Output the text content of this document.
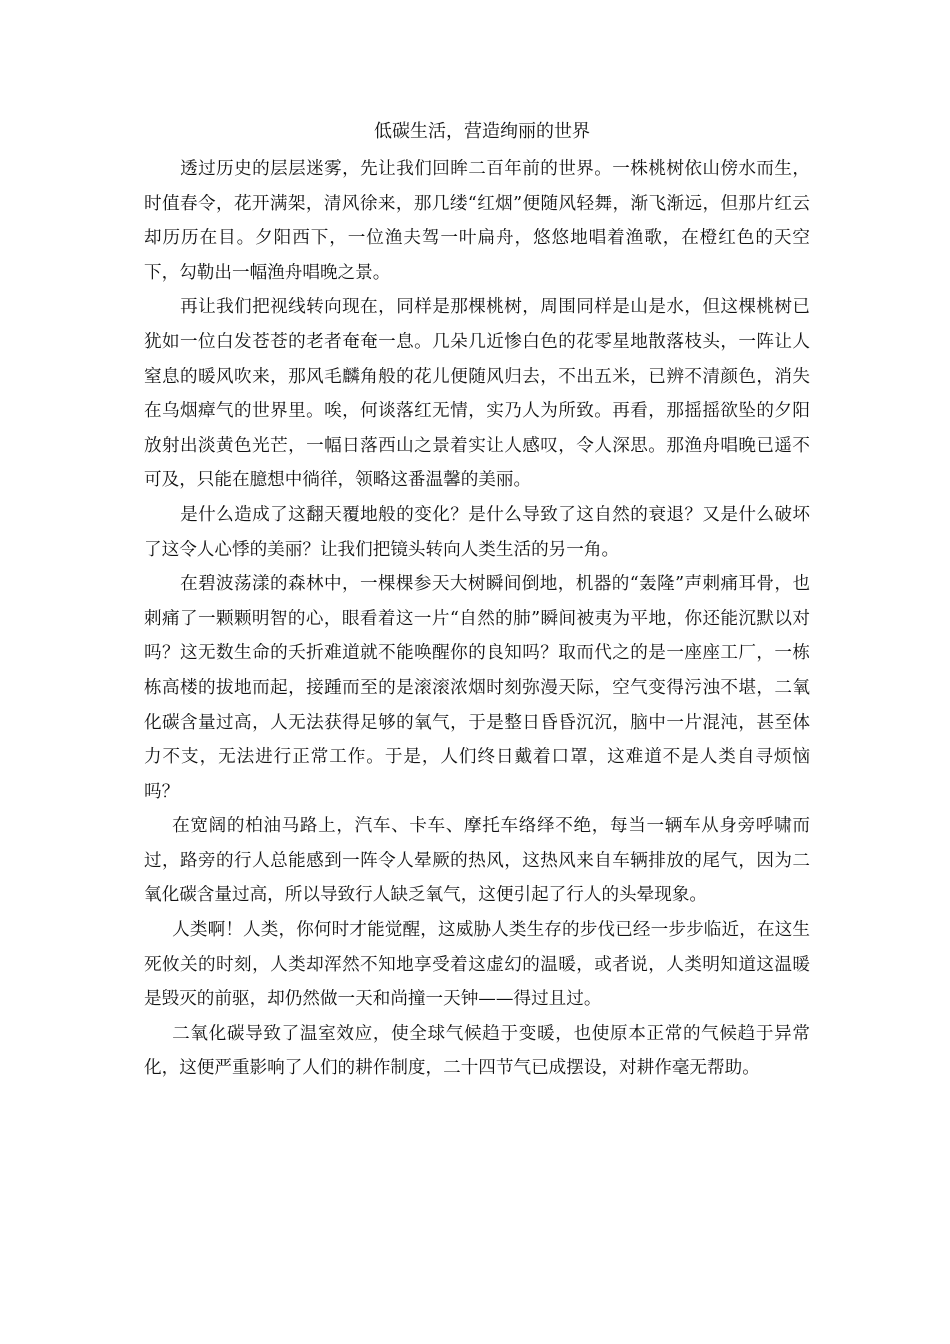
低碳生活，营造绚丽的世界

透过历史的层层迷雾，先让我们回眸二百年前的世界。一株桃树依山傍水而生，时值春令，花开满架，清风徐来，那几缕“红烟”便随风轻舞，渐飞渐远，但那片红云却历历在目。夕阳西下，一位渔夫驾一叶扁舟，悠悠地唱着渔歌，在橙红色的天空下，勾勒出一幅渔舟唱晚之景。

再让我们把视线转向现在，同样是那棵桃树，周围同样是山是水，但这棵桃树已犹如一位白发苍苍的老者奄奄一息。几朵几近惨白色的花零星地散落枝头，一阵让人窒息的暖风吹来，那风毛麟角般的花儿便随风归去，不出五米，已辨不清颜色，消失在乌烟瘴气的世界里。唉，何谈落红无情，实乃人为所致。再看，那摇摇欲坠的夕阳放射出淡黄色光芒，一幅日落西山之景着实让人感叹，令人深思。那渔舟唱晚已遥不可及，只能在臆想中徜徉，领略这番温馨的美丽。

是什么造成了这翻天覆地般的变化？是什么导致了这自然的衰退？又是什么破坏了这令人心悸的美丽？让我们把镜头转向人类生活的另一角。

在碧波荡漾的森林中，一棵棵参天大树瞬间倒地，机器的“轰隆”声刺痛耳骨，也刺痛了一颗颗明智的心，眼看着这一片“自然的肺”瞬间被夷为平地，你还能沉默以对吗？这无数生命的夭折难道就不能唤醒你的良知吗？取而代之的是一座座工厂，一栋栋高楼的拔地而起，接踵而至的是滚滚浓烟时刻弥漫天际，空气变得污浊不堪，二氧化碳含量过高，人无法获得足够的氧气，于是整日昏昏沉沉，脑中一片混沌，甚至体力不支，无法进行正常工作。于是，人们终日戴着口罩，这难道不是人类自寻烦恼吗？

在宽阔的柏油马路上，汽车、卡车、摩托车络绎不绝，每当一辆车从身旁呼啸而过，路旁的行人总能感到一阵令人晕厥的热风，这热风来自车辆排放的尾气，因为二氧化碳含量过高，所以导致行人缺乏氧气，这便引起了行人的头晕现象。

人类啊！人类，你何时才能觉醒，这威胁人类生存的步伐已经一步步临近，在这生死攸关的时刻，人类却浑然不知地享受着这虚幻的温暖，或者说，人类明知道这温暖是毁灭的前驱，却仍然做一天和尚撞一天钟——得过且过。

二氧化碳导致了温室效应，使全球气候趋于变暖，也使原本正常的气候趋于异常化，这便严重影响了人们的耕作制度，二十四节气已成摆设，对耕作毫无帮助。
